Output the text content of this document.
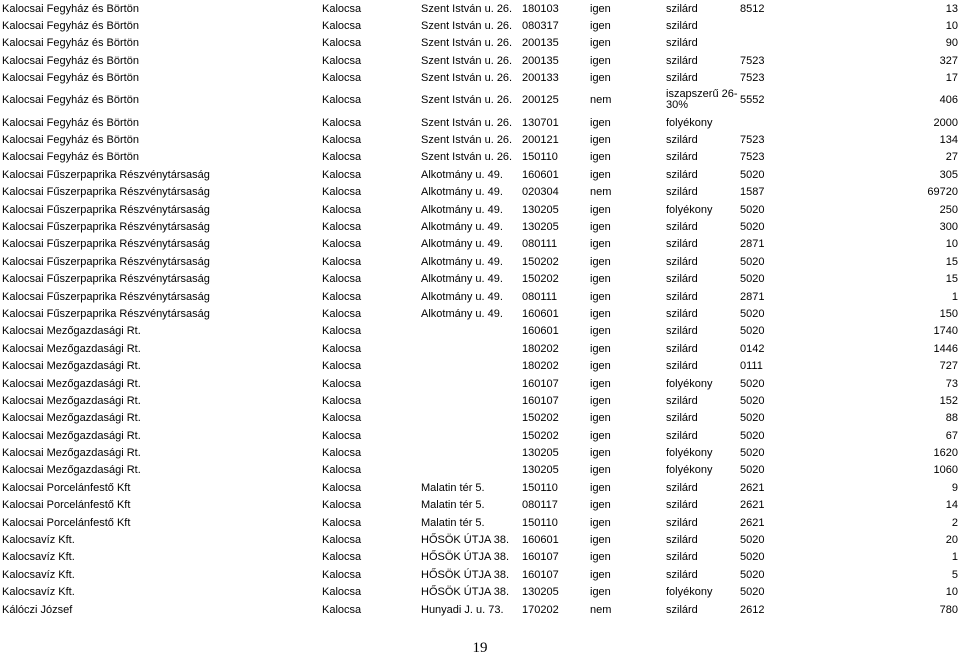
Kalocsai Fegyház és Börtön	Kalocsa	Szent István u. 26.	180103	igen	szilárd	8512	13
Kalocsai Fegyház és Börtön	Kalocsa	Szent István u. 26.	080317	igen	szilárd		10
Kalocsai Fegyház és Börtön	Kalocsa	Szent István u. 26.	200135	igen	szilárd		90
Kalocsai Fegyház és Börtön	Kalocsa	Szent István u. 26.	200135	igen	szilárd	7523	327
Kalocsai Fegyház és Börtön	Kalocsa	Szent István u. 26.	200133	igen	szilárd	7523	17
Kalocsai Fegyház és Börtön	Kalocsa	Szent István u. 26.	200125	nem	iszapszerű 26-30%	5552	406
Kalocsai Fegyház és Börtön	Kalocsa	Szent István u. 26.	130701	igen	folyékony		2000
Kalocsai Fegyház és Börtön	Kalocsa	Szent István u. 26.	200121	igen	szilárd	7523	134
Kalocsai Fegyház és Börtön	Kalocsa	Szent István u. 26.	150110	igen	szilárd	7523	27
Kalocsai Fűszerpaprika Részvénytársaság	Kalocsa	Alkotmány u. 49.	160601	igen	szilárd	5020	305
Kalocsai Fűszerpaprika Részvénytársaság	Kalocsa	Alkotmány u. 49.	020304	nem	szilárd	1587	69720
Kalocsai Fűszerpaprika Részvénytársaság	Kalocsa	Alkotmány u. 49.	130205	igen	folyékony	5020	250
Kalocsai Fűszerpaprika Részvénytársaság	Kalocsa	Alkotmány u. 49.	130205	igen	szilárd	5020	300
Kalocsai Fűszerpaprika Részvénytársaság	Kalocsa	Alkotmány u. 49.	080111	igen	szilárd	2871	10
Kalocsai Fűszerpaprika Részvénytársaság	Kalocsa	Alkotmány u. 49.	150202	igen	szilárd	5020	15
Kalocsai Fűszerpaprika Részvénytársaság	Kalocsa	Alkotmány u. 49.	150202	igen	szilárd	5020	15
Kalocsai Fűszerpaprika Részvénytársaság	Kalocsa	Alkotmány u. 49.	080111	igen	szilárd	2871	1
Kalocsai Fűszerpaprika Részvénytársaság	Kalocsa	Alkotmány u. 49.	160601	igen	szilárd	5020	150
Kalocsai Mezőgazdasági Rt.	Kalocsa		160601	igen	szilárd	5020	1740
Kalocsai Mezőgazdasági Rt.	Kalocsa		180202	igen	szilárd	0142	1446
Kalocsai Mezőgazdasági Rt.	Kalocsa		180202	igen	szilárd	0111	727
Kalocsai Mezőgazdasági Rt.	Kalocsa		160107	igen	folyékony	5020	73
Kalocsai Mezőgazdasági Rt.	Kalocsa		160107	igen	szilárd	5020	152
Kalocsai Mezőgazdasági Rt.	Kalocsa		150202	igen	szilárd	5020	88
Kalocsai Mezőgazdasági Rt.	Kalocsa		150202	igen	szilárd	5020	67
Kalocsai Mezőgazdasági Rt.	Kalocsa		130205	igen	folyékony	5020	1620
Kalocsai Mezőgazdasági Rt.	Kalocsa		130205	igen	folyékony	5020	1060
Kalocsai Porcelánfestő Kft	Kalocsa	Malatin tér 5.	150110	igen	szilárd	2621	9
Kalocsai Porcelánfestő Kft	Kalocsa	Malatin tér 5.	080117	igen	szilárd	2621	14
Kalocsai Porcelánfestő Kft	Kalocsa	Malatin tér 5.	150110	igen	szilárd	2621	2
Kalocsavíz Kft.	Kalocsa	HŐSÖK ÚTJA 38.	160601	igen	szilárd	5020	20
Kalocsavíz Kft.	Kalocsa	HŐSÖK ÚTJA 38.	160107	igen	szilárd	5020	1
Kalocsavíz Kft.	Kalocsa	HŐSÖK ÚTJA 38.	160107	igen	szilárd	5020	5
Kalocsavíz Kft.	Kalocsa	HŐSÖK ÚTJA 38.	130205	igen	folyékony	5020	10
Kálóczi József	Kalocsa	Hunyadi J. u. 73.	170202	nem	szilárd	2612	780
19
